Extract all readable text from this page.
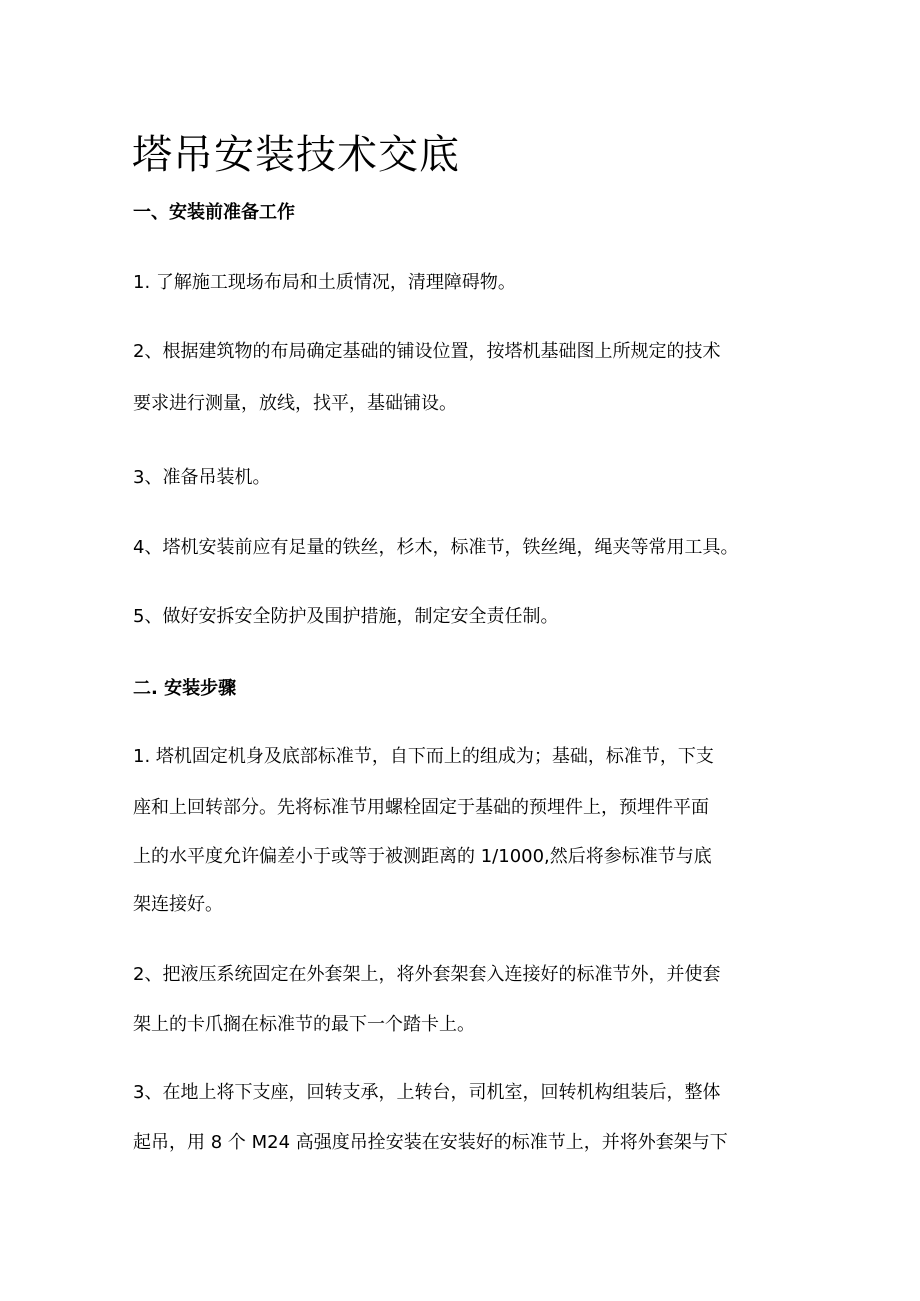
塔吊安装技术交底
一、安装前准备工作

1. 了解施工现场布局和土质情况，清理障碍物。

2、根据建筑物的布局确定基础的铺设位置，按塔机基础图上所规定的技术

要求进行测量，放线，找平，基础铺设。

3、准备吊装机。

4、塔机安装前应有足量的铁丝，杉木，标准节，铁丝绳，绳夹等常用工具。

5、做好安拆安全防护及围护措施，制定安全责任制。

二. 安装步骤

1. 塔机固定机身及底部标准节，自下而上的组成为；基础，标准节，下支

座和上回转部分。先将标准节用螺栓固定于基础的预埋件上，预埋件平面

上的水平度允许偏差小于或等于被测距离的 1/1000,然后将参标准节与底

架连接好。

2、把液压系统固定在外套架上，将外套架套入连接好的标准节外，并使套

架上的卡爪搁在标准节的最下一个踏卡上。

3、在地上将下支座，回转支承，上转台，司机室，回转机构组装后，整体

起吊，用 8 个 M24 高强度吊拴安装在安装好的标准节上，并将外套架与下
